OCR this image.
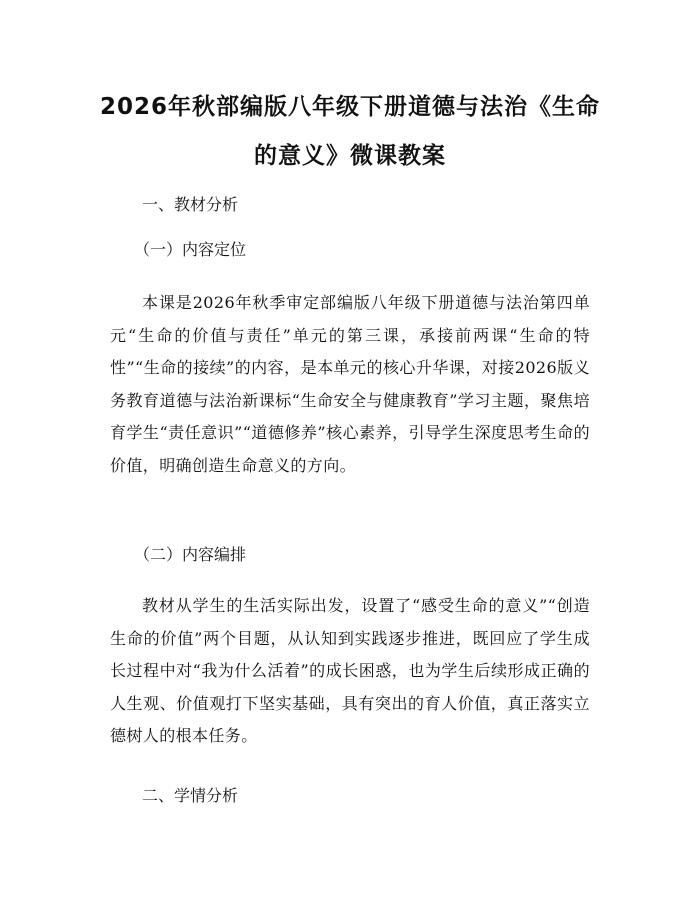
2026年秋部编版八年级下册道德与法治《生命的意义》微课教案

一、教材分析

（一）内容定位

本课是2026年秋季审定部编版八年级下册道德与法治第四单元“生命的价值与责任”单元的第三课，承接前两课“生命的特性”“生命的接续”的内容，是本单元的核心升华课，对接2026版义务教育道德与法治新课标“生命安全与健康教育”学习主题，聚焦培育学生“责任意识”“道德修养”核心素养，引导学生深度思考生命的价值，明确创造生命意义的方向。

（二）内容编排

教材从学生的生活实际出发，设置了“感受生命的意义”“创造生命的价值”两个目题，从认知到实践逐步推进，既回应了学生成长过程中对“我为什么活着”的成长困惑，也为学生后续形成正确的人生观、价值观打下坚实基础，具有突出的育人价值，真正落实立德树人的根本任务。

二、学情分析
